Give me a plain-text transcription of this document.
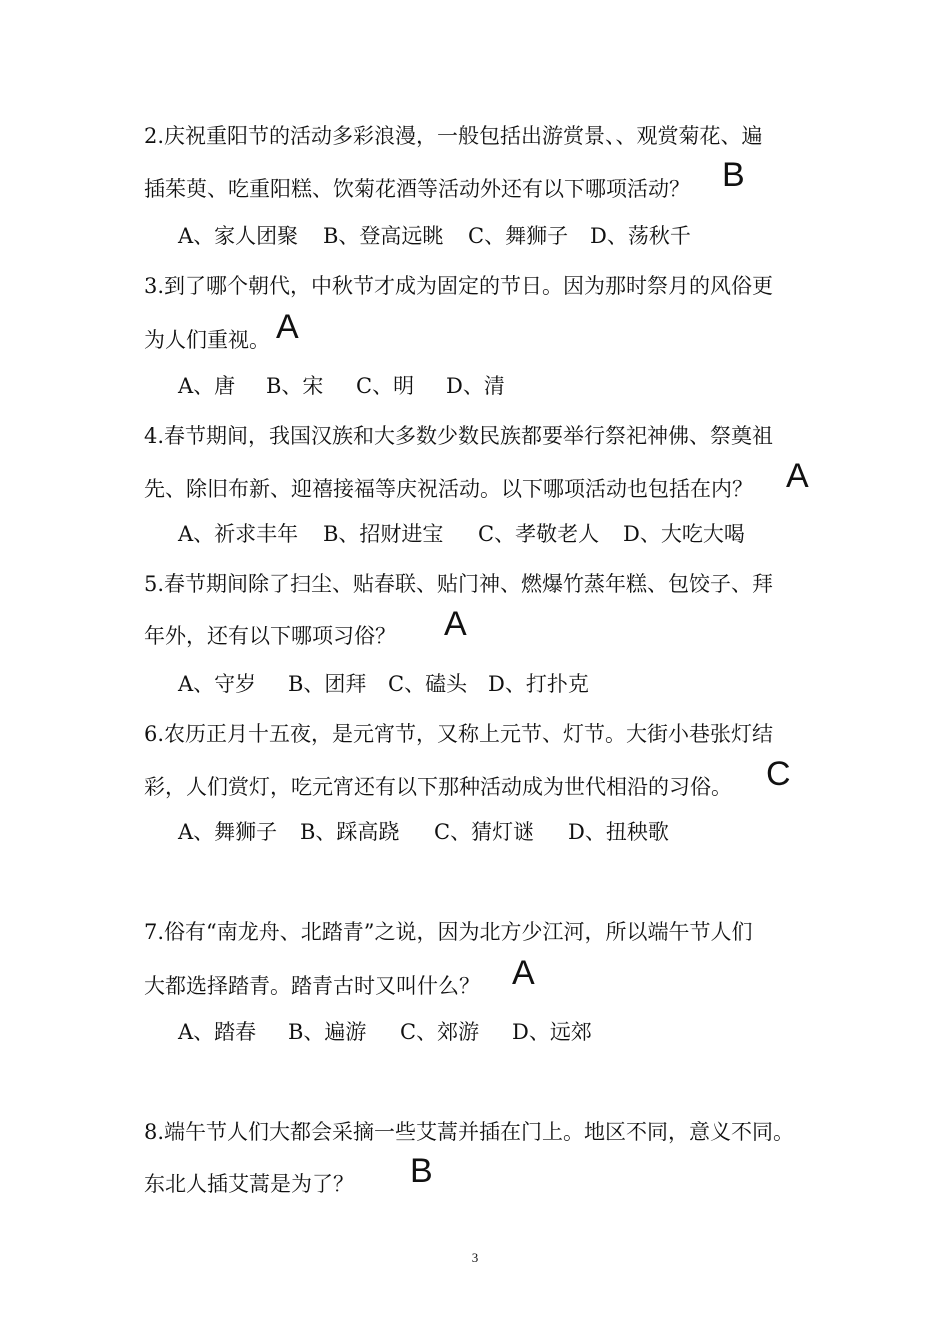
2.庆祝重阳节的活动多彩浪漫，一般包括出游赏景、、观赏菊花、遍
插茱萸、吃重阳糕、饮菊花酒等活动外还有以下哪项活动？ B
A、家人团聚 B、登高远眺 C、舞狮子 D、荡秋千
3.到了哪个朝代，中秋节才成为固定的节日。因为那时祭月的风俗更
为人们重视。 A
A、唐 B、宋 C、明 D、清
4.春节期间，我国汉族和大多数少数民族都要举行祭祀神佛、祭奠祖
先、除旧布新、迎禧接福等庆祝活动。以下哪项活动也包括在内？ A
A、祈求丰年 B、招财进宝 C、孝敬老人 D、大吃大喝
5.春节期间除了扫尘、贴春联、贴门神、燃爆竹蒸年糕、包饺子、拜
年外，还有以下哪项习俗？ A
A、守岁 B、团拜 C、磕头 D、打扑克
6.农历正月十五夜，是元宵节，又称上元节、灯节。大街小巷张灯结
彩，人们赏灯，吃元宵还有以下那种活动成为世代相沿的习俗。 C
A、舞狮子 B、踩高跷 C、猜灯谜 D、扭秧歌
7.俗有“南龙舟、北踏青”之说，因为北方少江河，所以端午节人们
大都选择踏青。踏青古时又叫什么？ A
A、踏春 B、遍游 C、郊游 D、远郊
8.端午节人们大都会采摘一些艾蒿并插在门上。地区不同，意义不同。
东北人插艾蒿是为了？ B
3
